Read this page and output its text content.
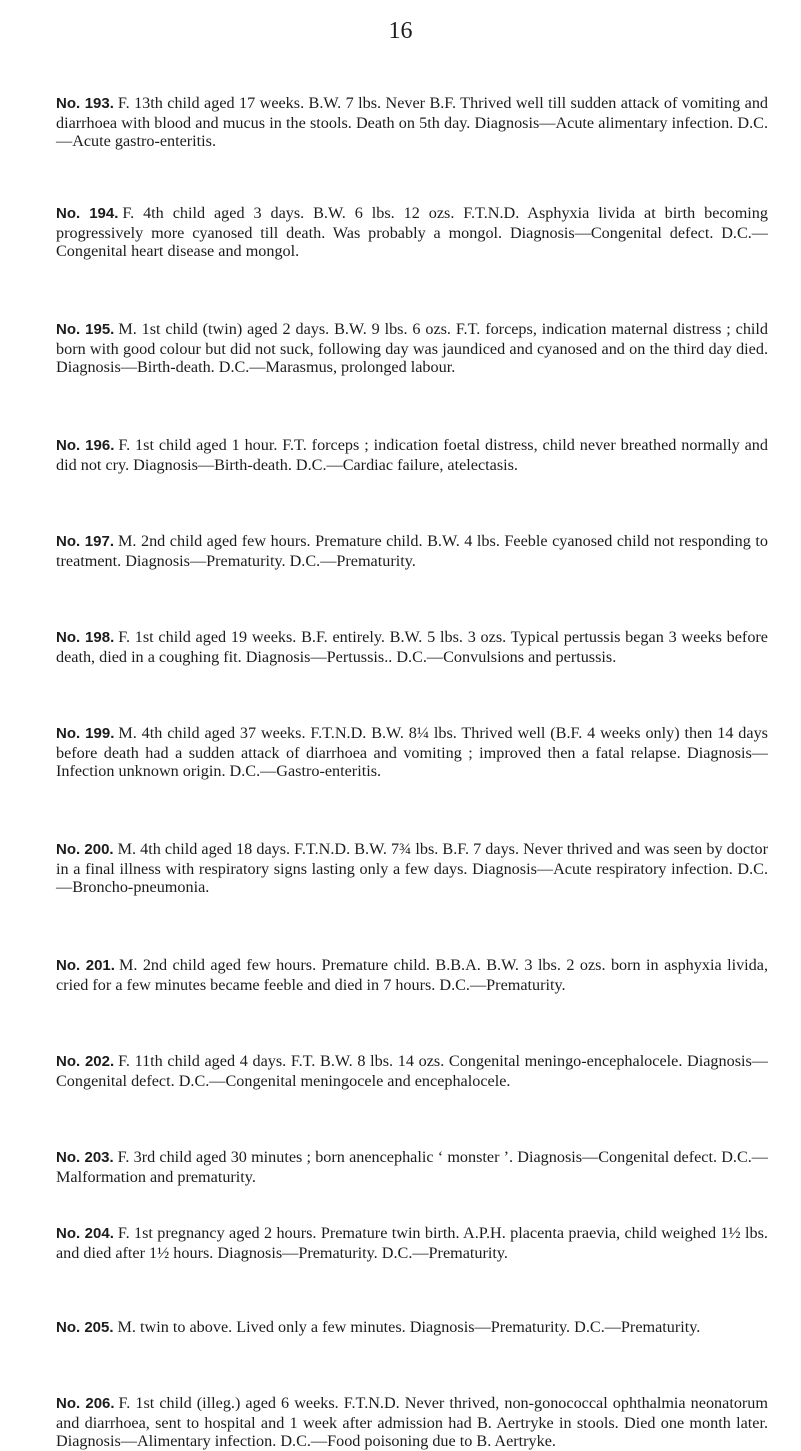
16

No. 193. F. 13th child aged 17 weeks. B.W. 7 lbs. Never B.F. Thrived well till sudden attack of vomiting and diarrhoea with blood and mucus in the stools. Death on 5th day. Diagnosis—Acute alimentary infection. D.C.—Acute gastro-enteritis.

No. 194. F. 4th child aged 3 days. B.W. 6 lbs. 12 ozs. F.T.N.D. Asphyxia livida at birth becoming progressively more cyanosed till death. Was probably a mongol. Diagnosis—Congenital defect. D.C.—Congenital heart disease and mongol.

No. 195. M. 1st child (twin) aged 2 days. B.W. 9 lbs. 6 ozs. F.T. forceps, indication maternal distress ; child born with good colour but did not suck, following day was jaundiced and cyanosed and on the third day died. Diagnosis—Birth-death. D.C.—Marasmus, prolonged labour.

No. 196. F. 1st child aged 1 hour. F.T. forceps ; indication foetal distress, child never breathed normally and did not cry. Diagnosis—Birth-death. D.C.—Cardiac failure, atelectasis.

No. 197. M. 2nd child aged few hours. Premature child. B.W. 4 lbs. Feeble cyanosed child not responding to treatment. Diagnosis—Prematurity. D.C.—Prematurity.

No. 198. F. 1st child aged 19 weeks. B.F. entirely. B.W. 5 lbs. 3 ozs. Typical pertussis began 3 weeks before death, died in a coughing fit. Diagnosis—Pertussis.. D.C.—Convulsions and pertussis.

No. 199. M. 4th child aged 37 weeks. F.T.N.D. B.W. 8¼ lbs. Thrived well (B.F. 4 weeks only) then 14 days before death had a sudden attack of diarrhoea and vomiting ; improved then a fatal relapse. Diagnosis—Infection unknown origin. D.C.—Gastro-enteritis.

No. 200. M. 4th child aged 18 days. F.T.N.D. B.W. 7¾ lbs. B.F. 7 days. Never thrived and was seen by doctor in a final illness with respiratory signs lasting only a few days. Diagnosis—Acute respiratory infection. D.C.—Broncho-pneumonia.

No. 201. M. 2nd child aged few hours. Premature child. B.B.A. B.W. 3 lbs. 2 ozs. born in asphyxia livida, cried for a few minutes became feeble and died in 7 hours. D.C.—Prematurity.

No. 202. F. 11th child aged 4 days. F.T. B.W. 8 lbs. 14 ozs. Congenital meningo-encephalocele. Diagnosis—Congenital defect. D.C.—Congenital meningocele and encephalocele.

No. 203. F. 3rd child aged 30 minutes ; born anencephalic ‘ monster ’. Diagnosis—Congenital defect. D.C.—Malformation and prematurity.

No. 204. F. 1st pregnancy aged 2 hours. Premature twin birth. A.P.H. placenta praevia, child weighed 1½ lbs. and died after 1½ hours. Diagnosis—Prematurity. D.C.—Prematurity.

No. 205. M. twin to above. Lived only a few minutes. Diagnosis—Prematurity. D.C.—Prematurity.

No. 206. F. 1st child (illeg.) aged 6 weeks. F.T.N.D. Never thrived, non-gonococcal ophthalmia neonatorum and diarrhoea, sent to hospital and 1 week after admission had B. Aertryke in stools. Died one month later. Diagnosis—Alimentary infection. D.C.—Food poisoning due to B. Aertryke.
